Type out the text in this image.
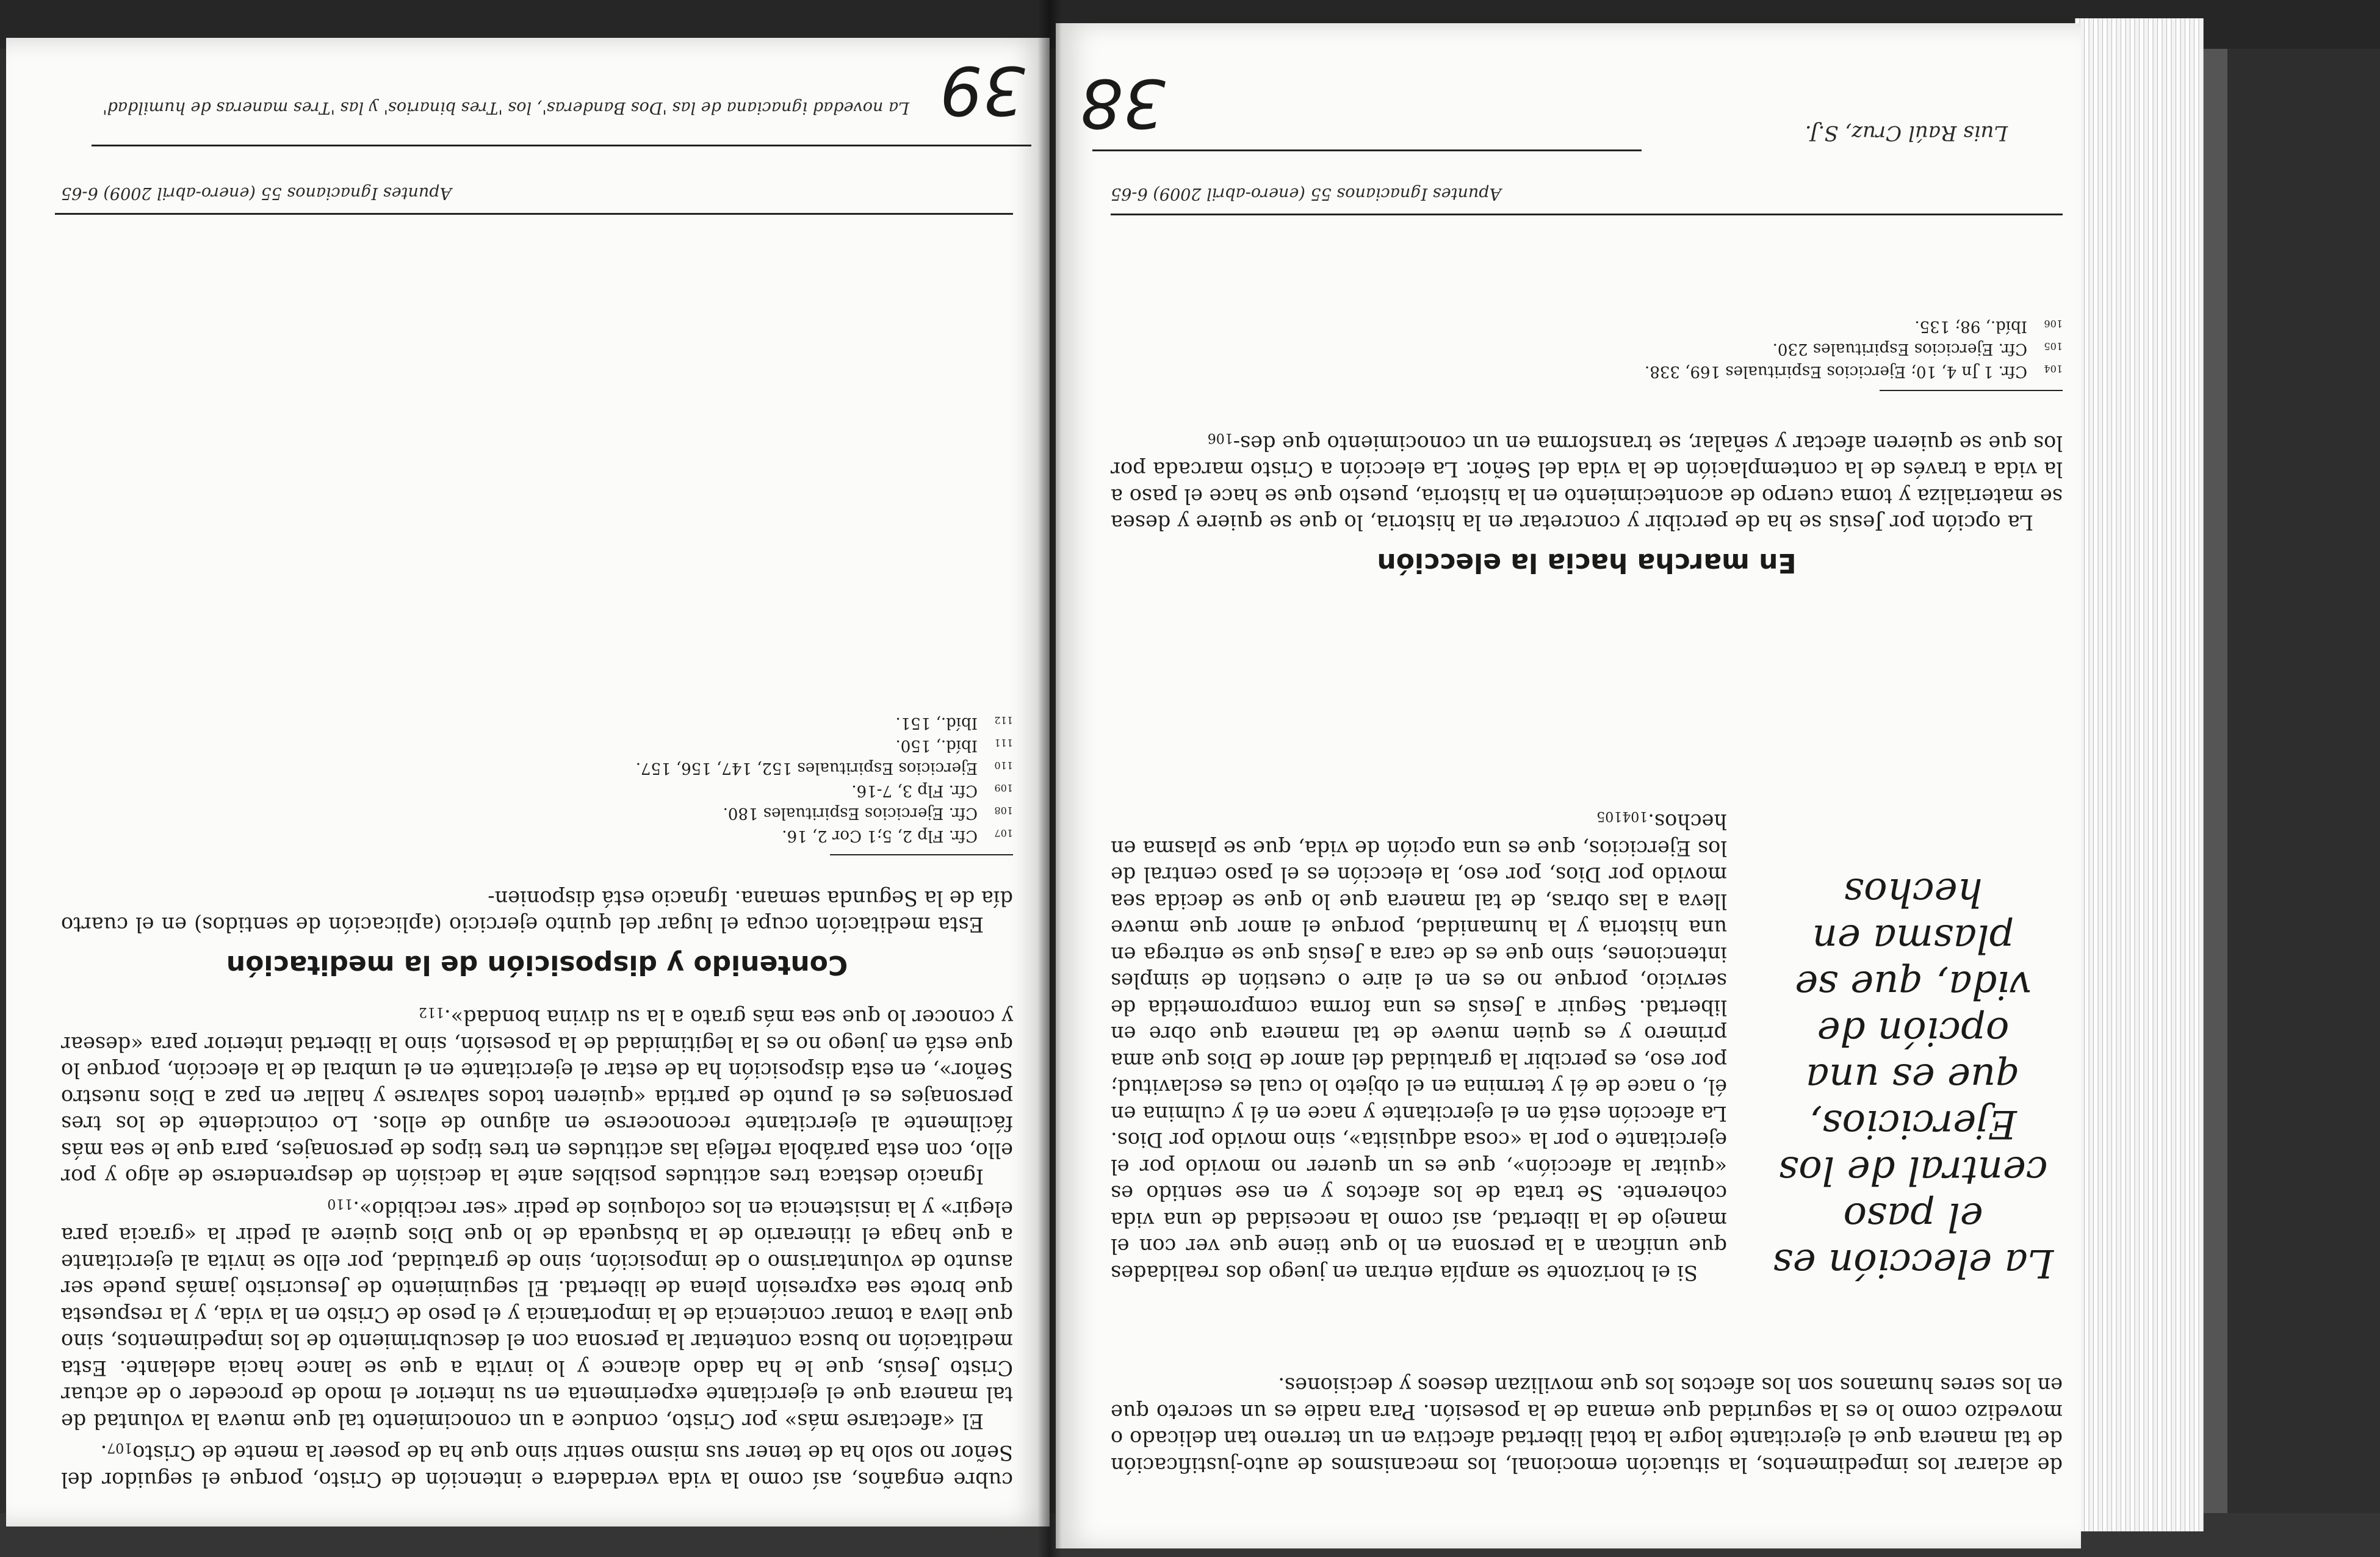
39
La novedad ignaciana de las 'Dos Banderas', los 'Tres binarios' y las 'Tres maneras de humildad'

cubre engaños, así como la vida verdadera e intención de Cristo, porque el seguidor del Señor no solo ha de tener sus mismo sentir sino que ha de poseer la mente de Cristo107.

El «afectarse más» por Cristo, conduce a un conocimiento tal que mueva la voluntad de tal manera que el ejercitante experimenta en su interior el modo de proceder o de actuar Cristo Jesús, que le ha dado alcance y lo invita a que se lance hacia adelante. Esta meditación no busca contentar la persona con el descubrimiento de los impedimentos, sino que lleva a tomar conciencia de la importancia y el peso de Cristo en la vida, y la respuesta que brote sea expresión plena de libertad. El seguimiento de Jesucristo jamás puede ser asunto de voluntarismo o de imposición, sino de gratuidad, por ello se invita al ejercitante a que haga el itinerario de la búsqueda de lo que Dios quiere al pedir la «gracia para elegir» y la insistencia en los coloquios de pedir «ser recibido».110

Ignacio destaca tres actitudes posibles ante la decisión de desprenderse de algo y por ello, con esta parábola refleja las actitudes en tres tipos de personajes, para que le sea más fácilmente al ejercitante reconocerse en alguno de ellos. Lo coincidente de los tres personajes es el punto de partida «quieren todos salvarse y hallar en paz a Dios nuestro Señor», en esta disposición ha de estar el ejercitante en el umbral de la elección, porque lo que está en juego no es la legitimidad de la posesión, sino la libertad interior para «desear y conocer lo que sea más grato a la su divina bondad».112

Contenido y disposición de la meditación

Esta meditación ocupa el lugar del quinto ejercicio (aplicación de sentidos) en el cuarto día de la Segunda semana. Ignacio está disponien-

107
Cfr. Flp 2, 5;1 Cor 2, 16.
108
Cfr. Ejercicios Espirituales 180.
109
Cfr. Flp 3, 7-16.
110
Ejercicios Espirituales 152, 147, 156, 157.
111
Ibíd., 150.
112
Ibíd., 151.
Apuntes Ignacianos 55 (enero-abril 2009) 6-65
Luis Raúl Cruz, S.J.
38

de aclarar los impedimentos, la situación emocional, los mecanismos de auto-justificación de tal manera que el ejercitante logre la total libertad afectiva en un terreno tan delicado o movedizo como lo es la seguridad que emana de la posesión. Para nadie es un secreto que en los seres humanos son los afectos los que movilizan deseos y decisiones.

La elección es el paso central de los Ejercicios, que es una opción de vida, que se plasma en hechos

Si el horizonte se amplía entran en juego dos realidades que unifican a la persona en lo que tiene que ver con el manejo de la libertad, así como la necesidad de una vida coherente. Se trata de los afectos y en ese sentido es «quitar la afección», que es un querer no movido por el ejercitante o por la «cosa adquisita», sino movido por Dios. La afección está en el ejercitante y nace en él y culmina en él, o nace de él y termina en el objeto lo cual es esclavitud; por eso, es percibir la gratuidad del amor de Dios que ama primero y es quien mueve de tal manera que obre en libertad. Seguir a Jesús es una forma comprometida de servicio, porque no es en el aire o cuestión de simples intenciones, sino que es de cara a Jesús que se entrega en una historia y la humanidad, porque el amor que mueve lleva a las obras, de tal manera que lo que se decida sea movido por Dios, por eso, la elección es el paso central de los Ejercicios, que es una opción de vida, que se plasma en hechos.104105

En marcha hacia la elección

La opción por Jesús se ha de percibir y concretar en la historia, lo que se quiere y desea se materializa y toma cuerpo de acontecimiento en la historia, puesto que se hace el paso a la vida a través de la contemplación de la vida del Señor. La elección a Cristo marcada por los que se quieren afectar y señalar, se transforma en un conocimiento que des-106

104
Cfr. 1 Jn 4, 10; Ejercicios Espirituales 169, 338.
105
Cfr. Ejercicios Espirituales 230.
106
Ibíd., 98; 135.
Apuntes Ignacianos 55 (enero-abril 2009) 6-65
